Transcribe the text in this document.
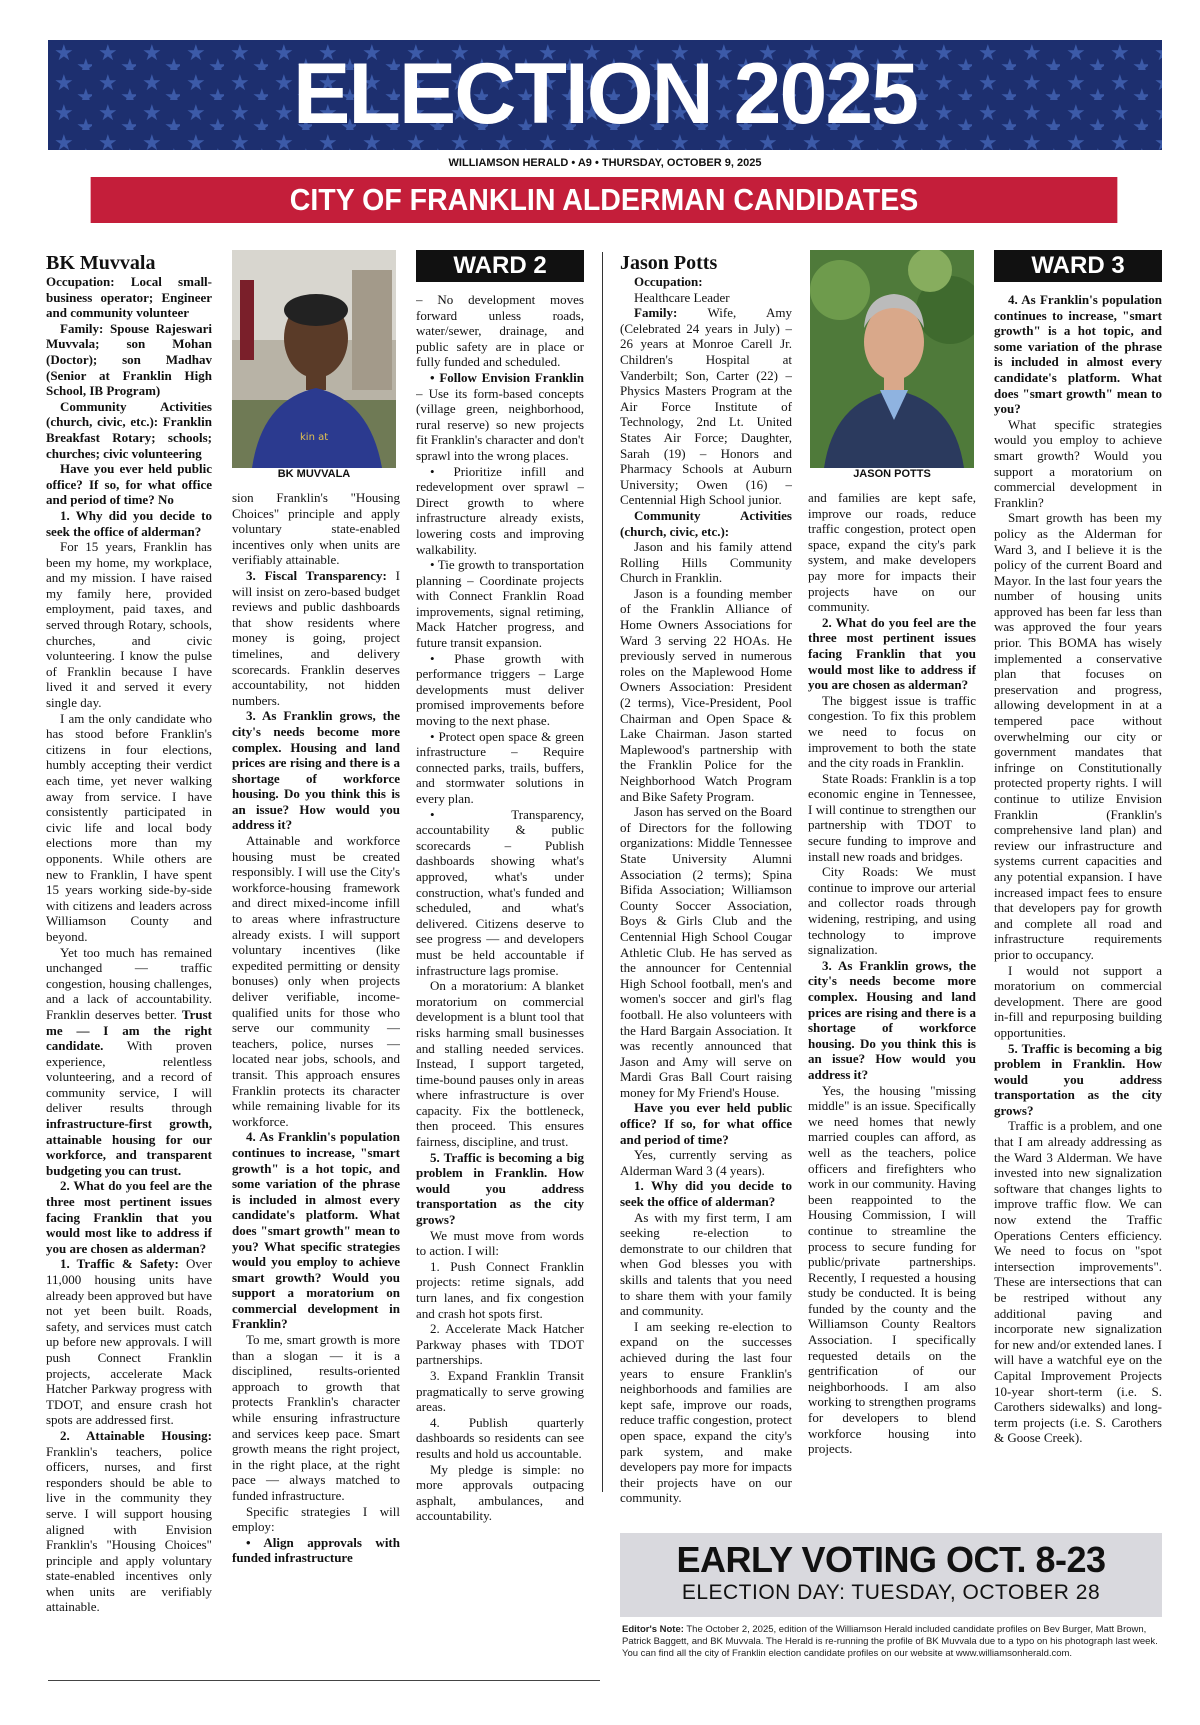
ELECTION 2025
WILLIAMSON HERALD • A9 • THURSDAY, OCTOBER 9, 2025
CITY OF FRANKLIN ALDERMAN CANDIDATES

BK Muvvala

Occupation: Local small-business operator; Engineer and community volunteer

Family: Spouse Rajeswari Muvvala; son Mohan (Doctor); son Madhav (Senior at Franklin High School, IB Program)

Community Activities (church, civic, etc.): Franklin Breakfast Rotary; schools; churches; civic volunteering

Have you ever held public office? If so, for what office and period of time? No

1. Why did you decide to seek the office of alderman?

For 15 years, Franklin has been my home, my workplace, and my mission. I have raised my family here, provided employment, paid taxes, and served through Rotary, schools, churches, and civic volunteering. I know the pulse of Franklin because I have lived it and served it every single day.

I am the only candidate who has stood before Franklin's citizens in four elections, humbly accepting their verdict each time, yet never walking away from service. I have consistently participated in civic life and local body elections more than my opponents. While others are new to Franklin, I have spent 15 years working side-by-side with citizens and leaders across Williamson County and beyond.

Yet too much has remained unchanged — traffic congestion, housing challenges, and a lack of accountability. Franklin deserves better. Trust me — I am the right candidate. With proven experience, relentless volunteering, and a record of community service, I will deliver results through infrastructure-first growth, attainable housing for our workforce, and transparent budgeting you can trust.

2. What do you feel are the three most pertinent issues facing Franklin that you would most like to address if you are chosen as alderman?

1. Traffic & Safety: Over 11,000 housing units have already been approved but have not yet been built. Roads, safety, and services must catch up before new approvals. I will push Connect Franklin projects, accelerate Mack Hatcher Parkway progress with TDOT, and ensure crash hot spots are addressed first.

2. Attainable Housing: Franklin's teachers, police officers, nurses, and first responders should be able to live in the community they serve. I will support housing aligned with Envision Franklin's "Housing Choices" principle and apply voluntary state-enabled incentives only when units are verifiably attainable.

kin at
BK MUVVALA

sion Franklin's "Housing Choices" principle and apply voluntary state-enabled incentives only when units are verifiably attainable.

3. Fiscal Transparency: I will insist on zero-based budget reviews and public dashboards that show residents where money is going, project timelines, and delivery scorecards. Franklin deserves accountability, not hidden numbers.

3. As Franklin grows, the city's needs become more complex. Housing and land prices are rising and there is a shortage of workforce housing. Do you think this is an issue? How would you address it?

Attainable and workforce housing must be created responsibly. I will use the City's workforce-housing framework and direct mixed-income infill to areas where infrastructure already exists. I will support voluntary incentives (like expedited permitting or density bonuses) only when projects deliver verifiable, income-qualified units for those who serve our community — teachers, police, nurses — located near jobs, schools, and transit. This approach ensures Franklin protects its character while remaining livable for its workforce.

4. As Franklin's population continues to increase, "smart growth" is a hot topic, and some variation of the phrase is included in almost every candidate's platform. What does "smart growth" mean to you? What specific strategies would you employ to achieve smart growth? Would you support a moratorium on commercial development in Franklin?

To me, smart growth is more than a slogan — it is a disciplined, results-oriented approach to growth that protects Franklin's character while ensuring infrastructure and services keep pace. Smart growth means the right project, in the right place, at the right pace — always matched to funded infrastructure.

Specific strategies I will employ:

• Align approvals with funded infrastructure

WARD 2

– No development moves forward unless roads, water/sewer, drainage, and public safety are in place or fully funded and scheduled.

• Follow Envision Franklin – Use its form-based concepts (village green, neighborhood, rural reserve) so new projects fit Franklin's character and don't sprawl into the wrong places.

• Prioritize infill and redevelopment over sprawl – Direct growth to where infrastructure already exists, lowering costs and improving walkability.

• Tie growth to transportation planning – Coordinate projects with Connect Franklin Road improvements, signal retiming, Mack Hatcher progress, and future transit expansion.

• Phase growth with performance triggers – Large developments must deliver promised improvements before moving to the next phase.

• Protect open space & green infrastructure – Require connected parks, trails, buffers, and stormwater solutions in every plan.

• Transparency, accountability & public scorecards – Publish dashboards showing what's approved, what's under construction, what's funded and scheduled, and what's delivered. Citizens deserve to see progress — and developers must be held accountable if infrastructure lags promise.

On a moratorium: A blanket moratorium on commercial development is a blunt tool that risks harming small businesses and stalling needed services. Instead, I support targeted, time-bound pauses only in areas where infrastructure is over capacity. Fix the bottleneck, then proceed. This ensures fairness, discipline, and trust.

5. Traffic is becoming a big problem in Franklin. How would you address transportation as the city grows?

We must move from words to action. I will:

1. Push Connect Franklin projects: retime signals, add turn lanes, and fix congestion and crash hot spots first.

2. Accelerate Mack Hatcher Parkway phases with TDOT partnerships.

3. Expand Franklin Transit pragmatically to serve growing areas.

4. Publish quarterly dashboards so residents can see results and hold us accountable.

My pledge is simple: no more approvals outpacing asphalt, ambulances, and accountability.

Jason Potts

Occupation:

Healthcare Leader

Family: Wife, Amy (Celebrated 24 years in July) – 26 years at Monroe Carell Jr. Children's Hospital at Vanderbilt; Son, Carter (22) – Physics Masters Program at the Air Force Institute of Technology, 2nd Lt. United States Air Force; Daughter, Sarah (19) – Honors and Pharmacy Schools at Auburn University; Owen (16) – Centennial High School junior.

Community Activities (church, civic, etc.):

Jason and his family attend Rolling Hills Community Church in Franklin.

Jason is a founding member of the Franklin Alliance of Home Owners Associations for Ward 3 serving 22 HOAs. He previously served in numerous roles on the Maplewood Home Owners Association: President (2 terms), Vice-President, Pool Chairman and Open Space & Lake Chairman. Jason started Maplewood's partnership with the Franklin Police for the Neighborhood Watch Program and Bike Safety Program.

Jason has served on the Board of Directors for the following organizations: Middle Tennessee State University Alumni Association (2 terms); Spina Bifida Association; Williamson County Soccer Association, Boys & Girls Club and the Centennial High School Cougar Athletic Club. He has served as the announcer for Centennial High School football, men's and women's soccer and girl's flag football. He also volunteers with the Hard Bargain Association. It was recently announced that Jason and Amy will serve on Mardi Gras Ball Court raising money for My Friend's House.

Have you ever held public office? If so, for what office and period of time?

Yes, currently serving as Alderman Ward 3 (4 years).

1. Why did you decide to seek the office of alderman?

As with my first term, I am seeking re-election to demonstrate to our children that when God blesses you with skills and talents that you need to share them with your family and community.

I am seeking re-election to expand on the successes achieved during the last four years to ensure Franklin's neighborhoods and families are kept safe, improve our roads, reduce traffic congestion, protect open space, expand the city's park system, and make developers pay more for impacts their projects have on our community.

JASON POTTS

and families are kept safe, improve our roads, reduce traffic congestion, protect open space, expand the city's park system, and make developers pay more for impacts their projects have on our community.

2. What do you feel are the three most pertinent issues facing Franklin that you would most like to address if you are chosen as alderman?

The biggest issue is traffic congestion. To fix this problem we need to focus on improvement to both the state and the city roads in Franklin.

State Roads: Franklin is a top economic engine in Tennessee, I will continue to strengthen our partnership with TDOT to secure funding to improve and install new roads and bridges.

City Roads: We must continue to improve our arterial and collector roads through widening, restriping, and using technology to improve signalization.

3. As Franklin grows, the city's needs become more complex. Housing and land prices are rising and there is a shortage of workforce housing. Do you think this is an issue? How would you address it?

Yes, the housing "missing middle" is an issue. Specifically we need homes that newly married couples can afford, as well as the teachers, police officers and firefighters who work in our community. Having been reappointed to the Housing Commission, I will continue to streamline the process to secure funding for public/private partnerships. Recently, I requested a housing study be conducted. It is being funded by the county and the Williamson County Realtors Association. I specifically requested details on the gentrification of our neighborhoods. I am also working to strengthen programs for developers to blend workforce housing into projects.

WARD 3

4. As Franklin's population continues to increase, "smart growth" is a hot topic, and some variation of the phrase is included in almost every candidate's platform. What does "smart growth" mean to you?

What specific strategies would you employ to achieve smart growth? Would you support a moratorium on commercial development in Franklin?

Smart growth has been my policy as the Alderman for Ward 3, and I believe it is the policy of the current Board and Mayor. In the last four years the number of housing units approved has been far less than was approved the four years prior. This BOMA has wisely implemented a conservative plan that focuses on preservation and progress, allowing development in at a tempered pace without overwhelming our city or government mandates that infringe on Constitutionally protected property rights. I will continue to utilize Envision Franklin (Franklin's comprehensive land plan) and review our infrastructure and systems current capacities and any potential expansion. I have increased impact fees to ensure that developers pay for growth and complete all road and infrastructure requirements prior to occupancy.

I would not support a moratorium on commercial development. There are good in-fill and repurposing building opportunities.

5. Traffic is becoming a big problem in Franklin. How would you address transportation as the city grows?

Traffic is a problem, and one that I am already addressing as the Ward 3 Alderman. We have invested into new signalization software that changes lights to improve traffic flow. We can now extend the Traffic Operations Centers efficiency. We need to focus on "spot intersection improvements". These are intersections that can be restriped without any additional paving and incorporate new signalization for new and/or extended lanes. I will have a watchful eye on the Capital Improvement Projects 10-year short-term (i.e. S. Carothers sidewalks) and long-term projects (i.e. S. Carothers & Goose Creek).

EARLY VOTING OCT. 8-23
ELECTION DAY: TUESDAY, OCTOBER 28
Editor's Note: The October 2, 2025, edition of the Williamson Herald included candidate profiles on Bev Burger, Matt Brown, Patrick Baggett, and BK Muvvala. The Herald is re-running the profile of BK Muvvala due to a typo on his photograph last week. You can find all the city of Franklin election candidate profiles on our website at www.williamsonherald.com.
